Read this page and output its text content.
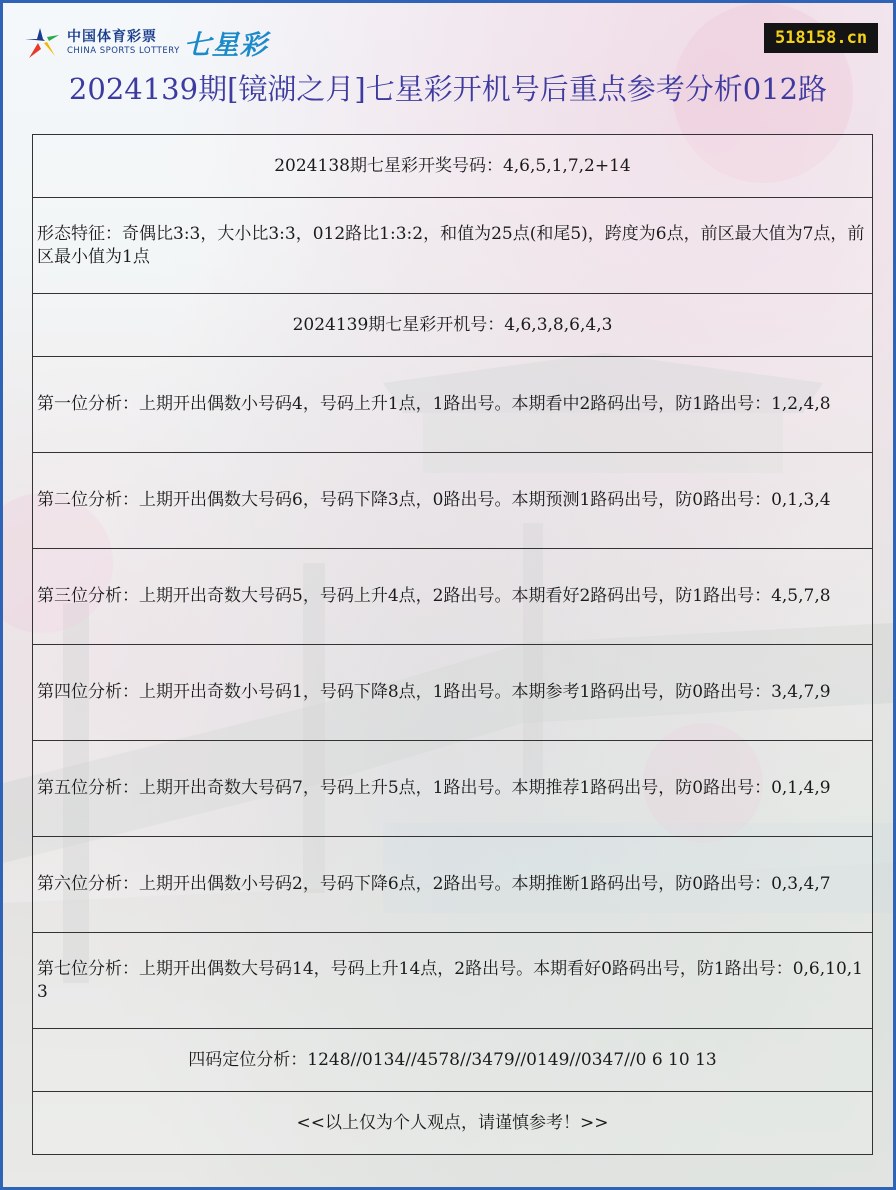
中国体育彩票
CHINA SPORTS LOTTERY 七星彩	518158.cn
2024139期[镜湖之月]七星彩开机号后重点参考分析012路
2024138期七星彩开奖号码：4,6,5,1,7,2+14
形态特征：奇偶比3:3，大小比3:3，012路比1:3:2，和值为25点(和尾5)，跨度为6点，前区最大值为7点，前区最小值为1点
2024139期七星彩开机号：4,6,3,8,6,4,3
第一位分析：上期开出偶数小号码4，号码上升1点，1路出号。本期看中2路码出号，防1路出号：1,2,4,8
第二位分析：上期开出偶数大号码6，号码下降3点，0路出号。本期预测1路码出号，防0路出号：0,1,3,4
第三位分析：上期开出奇数大号码5，号码上升4点，2路出号。本期看好2路码出号，防1路出号：4,5,7,8
第四位分析：上期开出奇数小号码1，号码下降8点，1路出号。本期参考1路码出号，防0路出号：3,4,7,9
第五位分析：上期开出奇数大号码7，号码上升5点，1路出号。本期推荐1路码出号，防0路出号：0,1,4,9
第六位分析：上期开出偶数小号码2，号码下降6点，2路出号。本期推断1路码出号，防0路出号：0,3,4,7
第七位分析：上期开出偶数大号码14，号码上升14点，2路出号。本期看好0路码出号，防1路出号：0,6,10,13
四码定位分析：1248//0134//4578//3479//0149//0347//0 6 10 13
<<以上仅为个人观点，请谨慎参考！>>
